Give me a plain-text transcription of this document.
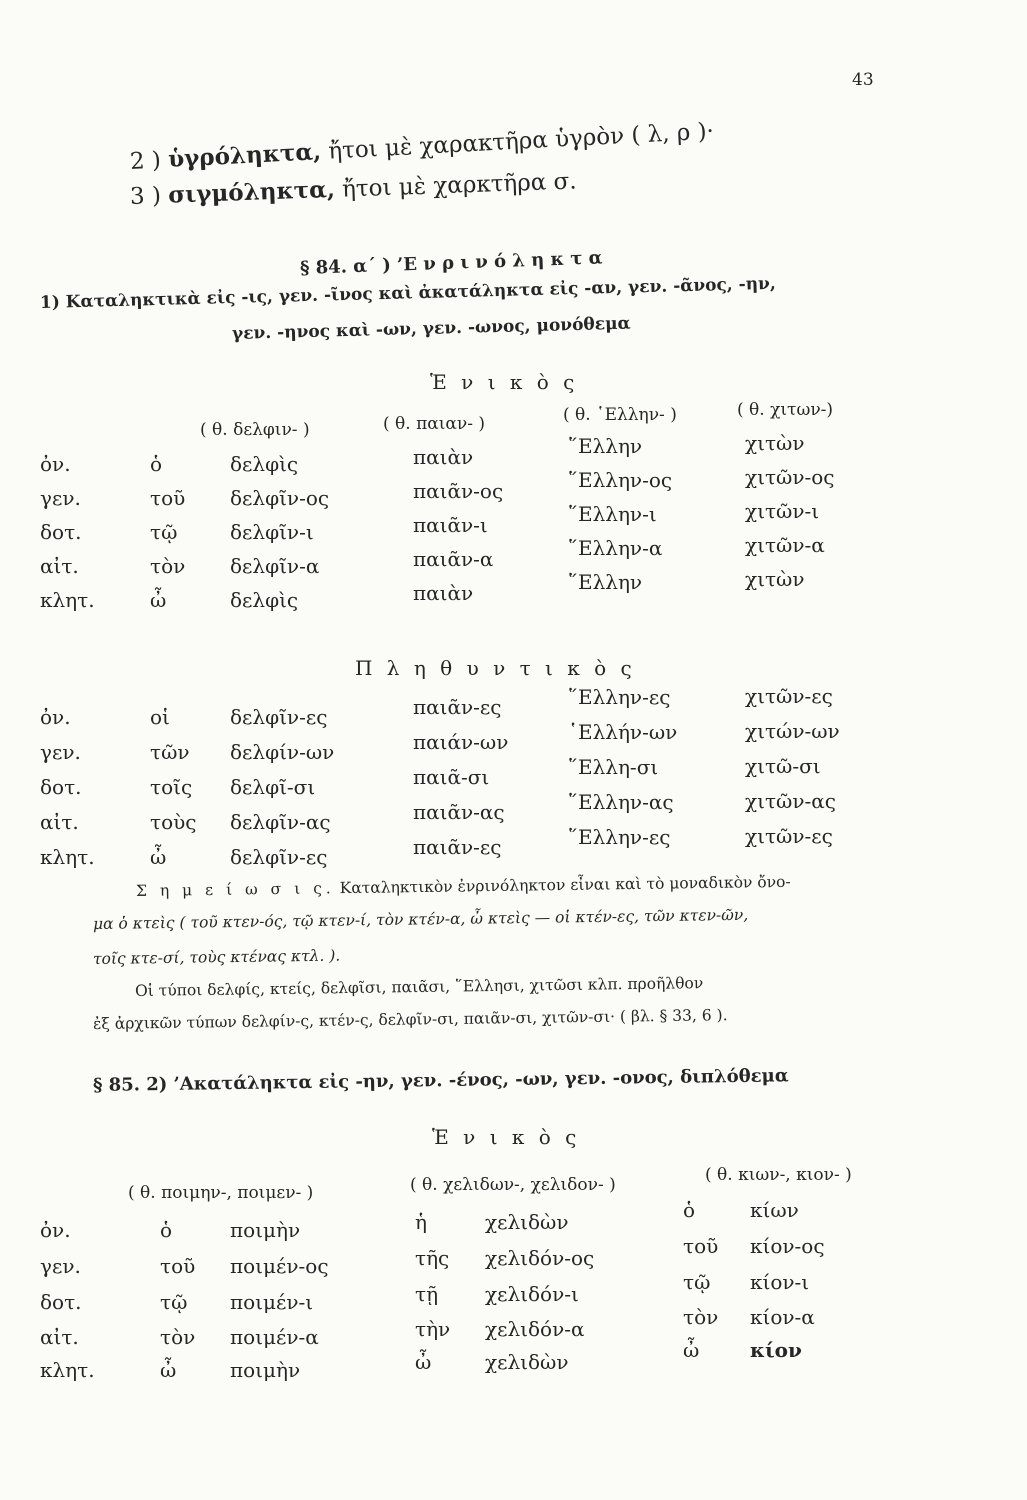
43
2 ) ὑγρόληκτα, ἤτοι μὲ χαρακτῆρα ὑγρὸν ( λ, ρ )·
3 ) σιγμόληκτα, ἤτοι μὲ χαρκτῆρα σ.
§ 84. α΄ ) ’Ε ν ρ ι ν ό λ η κ τ α
1) Καταληκτικὰ εἰς -ις, γεν. -ῖνος καὶ ἀκατάληκτα εἰς -αν, γεν. -ᾶνος, -ην,
γεν. -ηνος καὶ -ων, γεν. -ωνος, μονόθεμα
Ἑ ν ι κ ὸ ς
( θ. δελφιν- )	( θ. παιαν- )	( θ. ῾Ελλην- )	( θ. χιτων-)
ὀν.	ὁ	δελφὶς	παιὰν	῞Ελλην	χιτὼν
γεν.	τοῦ δελφῖν-ος	παιᾶν-ος	῞Ελλην-ος	χιτῶν-ος
δοτ.	τῷ	δελφῖν-ι	παιᾶν-ι	῞Ελλην-ι	χιτῶν-ι
αἰτ.	τὸν δελφῖν-α	παιᾶν-α	῞Ελλην-α	χιτῶν-α
κλητ.	ὦ	δελφὶς	παιὰν	῞Ελλην	χιτὼν
Π λ η θ υ ν τ ι κ ὸ ς
ὀν.	οἱ	δελφῖν-ες	παιᾶν-ες	῞Ελλην-ες	χιτῶν-ες
γεν.	τῶν δελφίν-ων	παιάν-ων	῾Ελλήν-ων	χιτών-ων
δοτ.	τοῖς δελφῖ-σι	παιᾶ-σι	῞Ελλη-σι	χιτῶ-σι
αἰτ.	τοὺς δελφῖν-ας	παιᾶν-ας	῞Ελλην-ας	χιτῶν-ας
κλητ.	ὦ	δελφῖν-ες	παιᾶν-ες	῞Ελλην-ες	χιτῶν-ες
Σ η μ ε ί ω σ ι ς. Καταληκτικὸν ἐνρινόληκτον εἶναι καὶ τὸ μοναδικὸν ὄνο-
μα ὁ κτεὶς ( τοῦ κτεν-ός, τῷ κτεν-ί, τὸν κτέν-α, ὦ κτεὶς — οἱ κτέν-ες, τῶν κτεν-ῶν,
τοῖς κτε-σί, τοὺς κτένας κτλ. ).
Οἱ τύποι δελφίς, κτείς, δελφῖσι, παιᾶσι, ῞Ελλησι, χιτῶσι κλπ. προῆλθον
ἐξ ἀρχικῶν τύπων δελφίν-ς, κτέν-ς, δελφῖν-σι, παιᾶν-σι, χιτῶν-σι· ( βλ. § 33, 6 ).
§ 85. 2) ’Ακατάληκτα εἰς -ην, γεν. -ένος, -ων, γεν. -ονος, διπλόθεμα
Ἑ ν ι κ ὸ ς
( θ. ποιμην-, ποιμεν- )	( θ. χελιδων-, χελιδον- )	( θ. κιων-, κιον- )
ὀν.	ὁ	ποιμὴν	ἡ	χελιδὼν	ὁ	κίων
γεν.	τοῦ ποιμέν-ος	τῆς χελιδόν-ος	τοῦ κίον-ος
δοτ.	τῷ ποιμέν-ι	τῇ χελιδόν-ι	τῷ κίον-ι
αἰτ.	τὸν ποιμέν-α	τὴν χελιδόν-α	τὸν κίον-α
κλητ.	ὦ	ποιμὴν	ὦ	χελιδὼν	ὦ	κίον
